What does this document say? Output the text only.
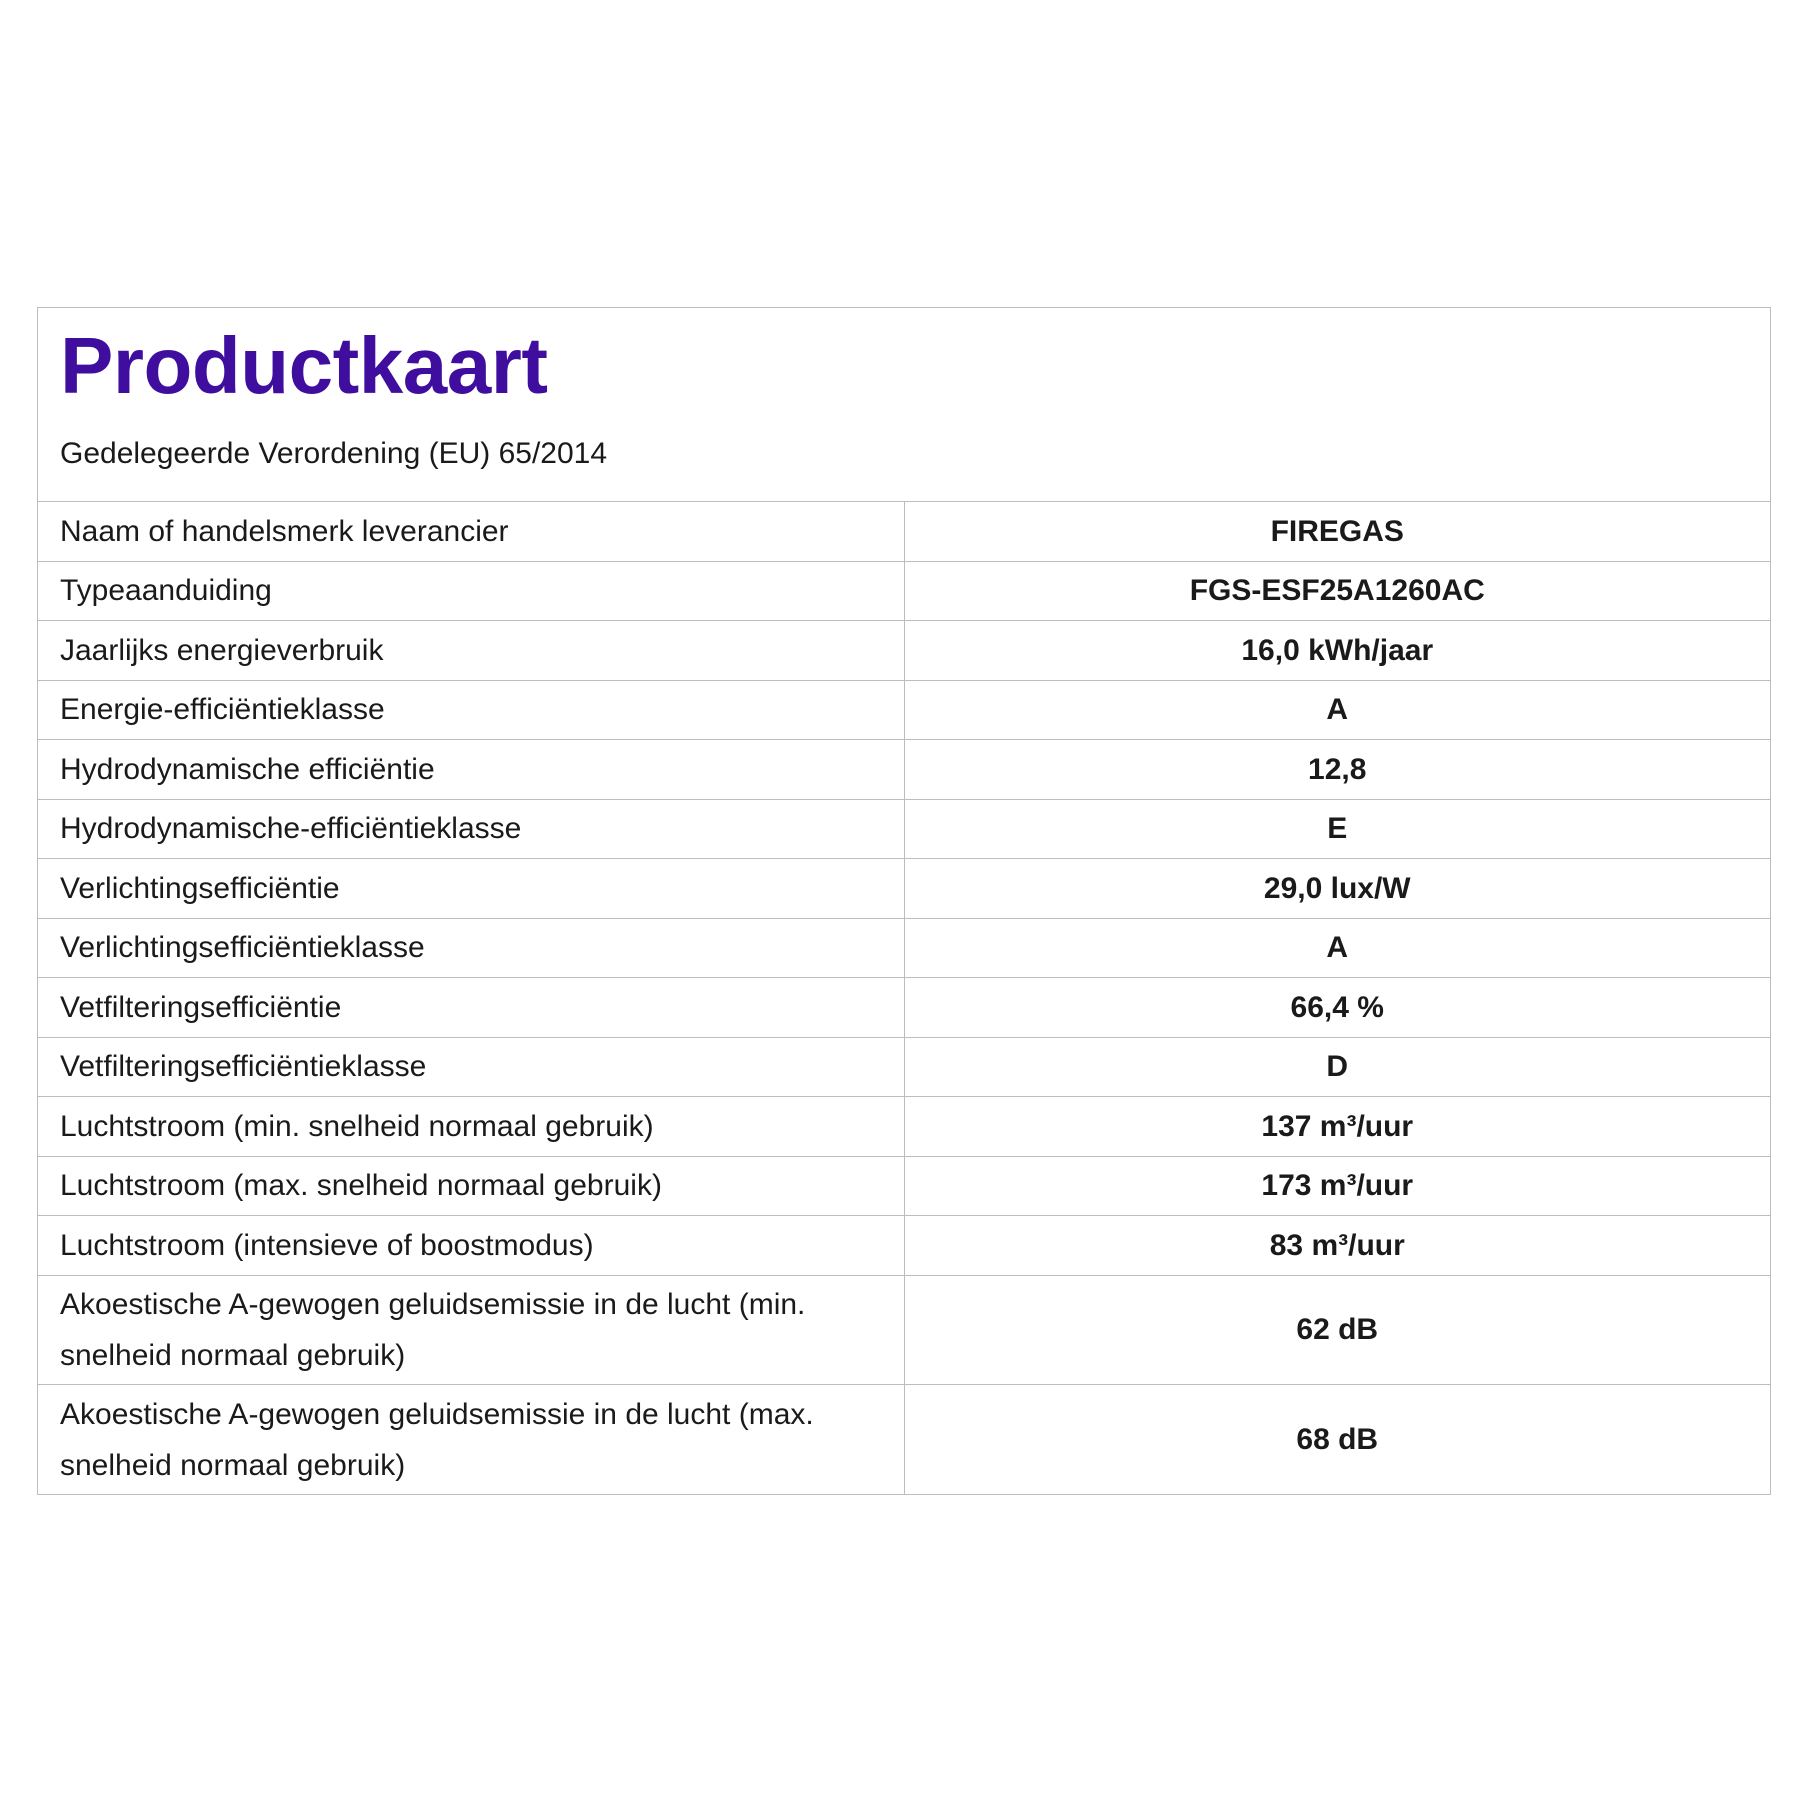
Productkaart

Gedelegeerde Verordening (EU) 65/2014

Naam of handelsmerk leverancier	FIREGAS
Typeaanduiding	FGS-ESF25A1260AC
Jaarlijks energieverbruik	16,0 kWh/jaar
Energie-efficiëntieklasse	A
Hydrodynamische efficiëntie	12,8
Hydrodynamische-efficiëntieklasse	E
Verlichtingsefficiëntie	29,0 lux/W
Verlichtingsefficiëntieklasse	A
Vetfilteringsefficiëntie	66,4 %
Vetfilteringsefficiëntieklasse	D
Luchtstroom (min. snelheid normaal gebruik)	137 m³/uur
Luchtstroom (max. snelheid normaal gebruik)	173 m³/uur
Luchtstroom (intensieve of boostmodus)	83 m³/uur
Akoestische A-gewogen geluidsemissie in de lucht (min. snelheid normaal gebruik)	62 dB
Akoestische A-gewogen geluidsemissie in de lucht (max. snelheid normaal gebruik)	68 dB
